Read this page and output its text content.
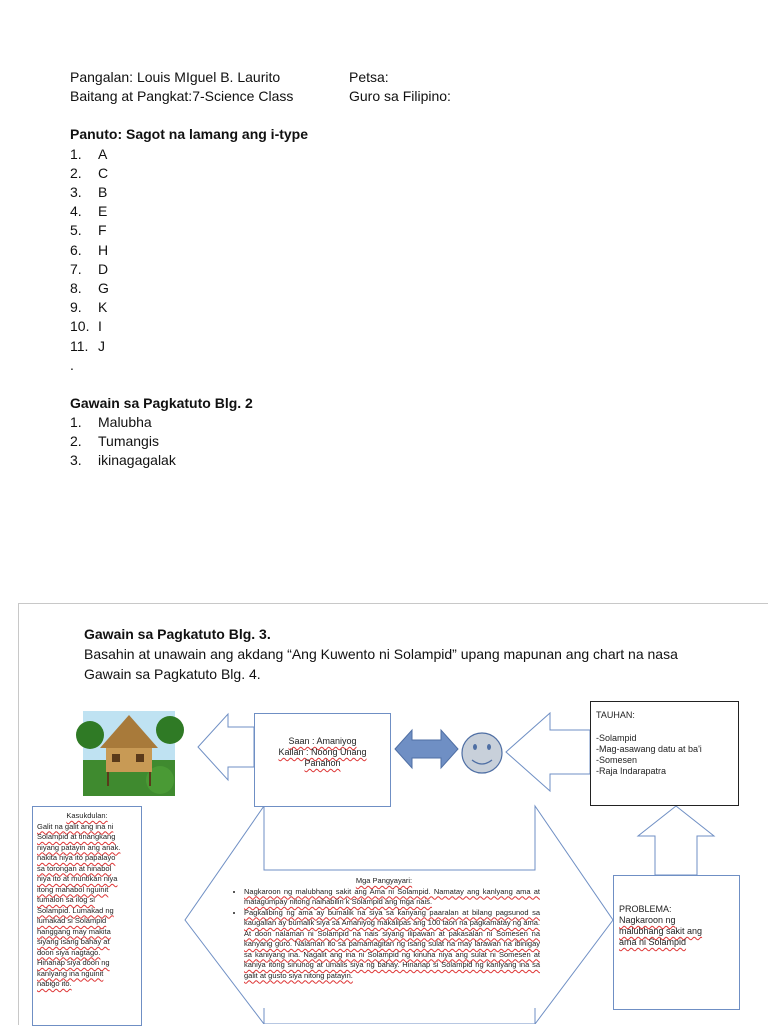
Pangalan: Louis MIguel B. Laurito	Petsa:
Baitang at Pangkat:7-Science Class	Guro sa Filipino:
Panuto: Sagot na lamang ang i-type
1.	A
2.	C
3.	B
4.	E
5.	F
6.	H
7.	D
8.	G
9.	K
10. I
11. J
.
Gawain sa Pagkatuto Blg. 2
1.	Malubha
2.	Tumangis
3.	ikinagagalak
Gawain sa Pagkatuto Blg. 3.
Basahin at unawain ang akdang “Ang Kuwento ni Solampid” upang mapunan ang chart na nasa
Gawain sa Pagkatuto Blg. 4.
Saan : Amaniyog
Kailan : Noong Unang
Panahon
TAUHAN:
-Solampid
-Mag-asawang datu at ba'i
-Somesen
-Raja Indarapatra
PROBLEMA:
Nagkaroon ng
malubhang sakit ang
ama ni Solampid
Kasukdulan:
Galit na galit ang ina ni
Solampid at tinangkang
niyang patayin ang anak.
nakita niya ito papalayo
sa torongan at hinabol
niya ito at muntikan niya
itong mahabol nguinit
tumalon sa ilog si
Solampid. Lumakad ng
lumakad si Solampid
hanggang may makita
siyang isang bahay at
doon siya nagtago.
Hinanap siya doon ng
kanlyang ina nguinit
nabigo ito.
Mga Pangyayari:
• Nagkaroon ng malubhang sakit ang Ama ni Solampid. Namatay ang kanlyang ama at matagumpay nitong naihabilin k Solampid ang mga nais.
• Pagkalibing ng ama ay bumalik na siya sa kanyang paaralan at bilang pagsunod sa kaugalian ay bumalik siya sa Amaniyog makalipas ang 100 taon na pagkamatay ng ama. At doon nalaman ni Solampid na nais siyang ilipawan at pakasalan ni Somesen na kanyang guro. Nalaman ito sa pamamagitan ng isang sulat na may larawan na ibinigay sa kaniyang ina. Nagalit ang ina ni Solampid ng kinuha niya ang sulat ni Somesen at kaniya itong sinunog at umalis siya ng bahay. Hinanap si Solampid ng kanlyang ina sa galit at gusto siya nitong patayin.
